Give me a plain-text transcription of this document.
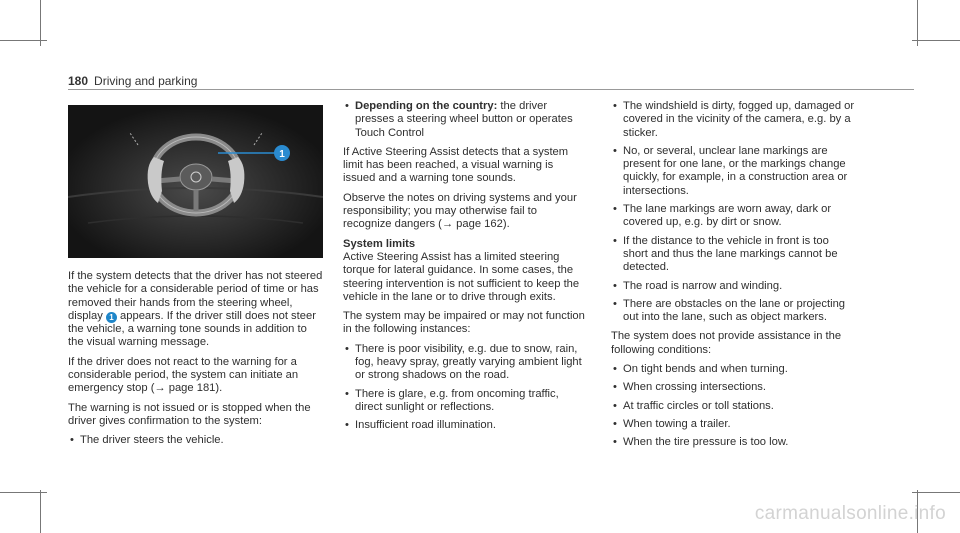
180 Driving and parking
1

If the system detects that the driver has not steered the vehicle for a considerable period of time or has removed their hands from the steering wheel, display 1 appears. If the driver still does not steer the vehicle, a warning tone sounds in addition to the visual warning message.

If the driver does not react to the warning for a considerable period, the system can initiate an emergency stop (→ page 181).

The warning is not issued or is stopped when the driver gives confirmation to the system:

• The driver steers the vehicle.
• Depending on the country: the driver presses a steering wheel button or operates Touch Control

If Active Steering Assist detects that a system limit has been reached, a visual warning is issued and a warning tone sounds.

Observe the notes on driving systems and your responsibility; you may otherwise fail to recognize dangers (→ page 162).

System limits

Active Steering Assist has a limited steering torque for lateral guidance. In some cases, the steering intervention is not sufficient to keep the vehicle in the lane or to drive through exits.

The system may be impaired or may not function in the following instances:

• There is poor visibility, e.g. due to snow, rain, fog, heavy spray, greatly varying ambient light or strong shadows on the road.
• There is glare, e.g. from oncoming traffic, direct sunlight or reflections.
• Insufficient road illumination.
• The windshield is dirty, fogged up, damaged or covered in the vicinity of the camera, e.g. by a sticker.
• No, or several, unclear lane markings are present for one lane, or the markings change quickly, for example, in a construction area or intersections.
• The lane markings are worn away, dark or covered up, e.g. by dirt or snow.
• If the distance to the vehicle in front is too short and thus the lane markings cannot be detected.
• The road is narrow and winding.
• There are obstacles on the lane or projecting out into the lane, such as object markers.

The system does not provide assistance in the following conditions:

• On tight bends and when turning.
• When crossing intersections.
• At traffic circles or toll stations.
• When towing a trailer.
• When the tire pressure is too low.
carmanualsonline.info
